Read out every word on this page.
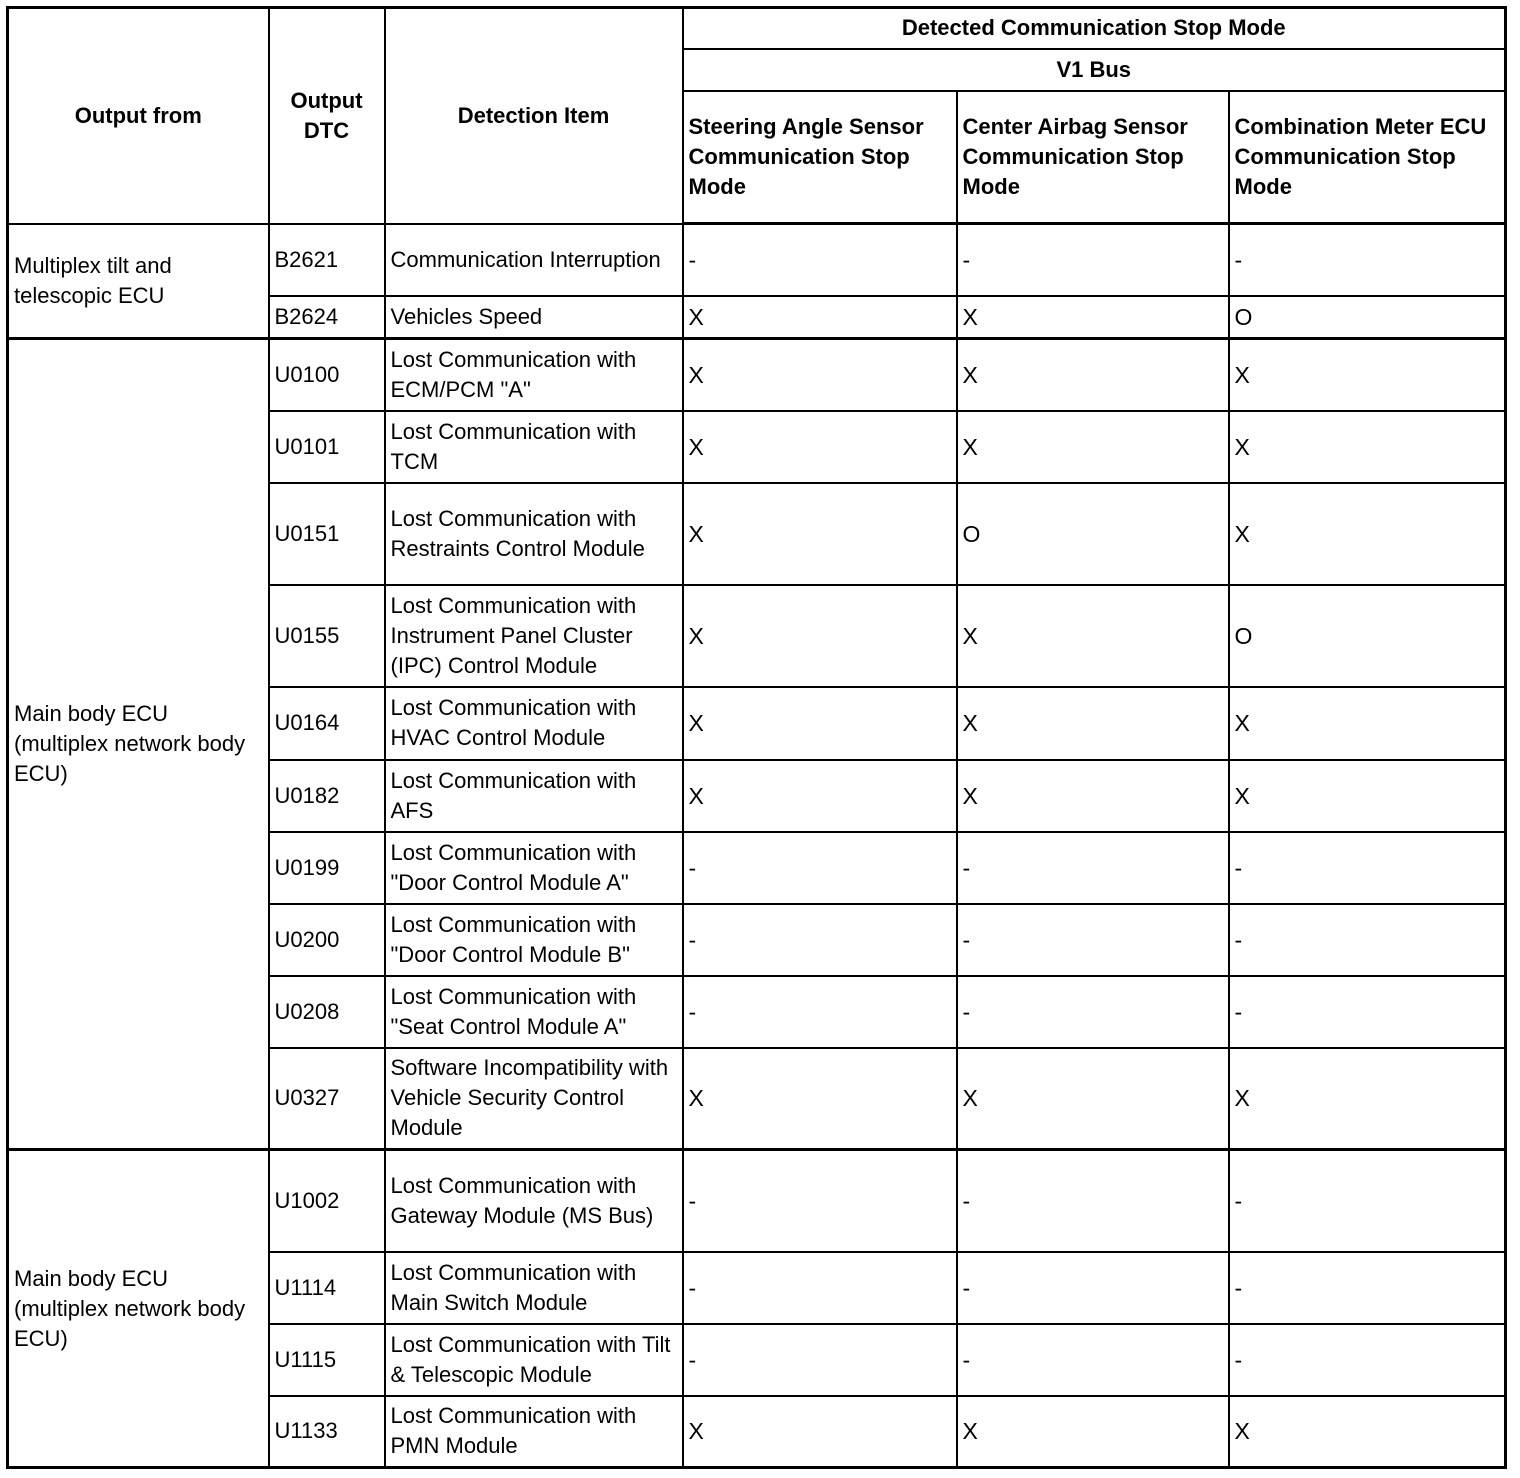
Output from	Output DTC	Detection Item	Detected Communication Stop Mode		
			V1 Bus		
			Steering Angle Sensor Communication Stop Mode	Center Airbag Sensor Communication Stop Mode	Combination Meter ECU Communication Stop Mode
Multiplex tilt and telescopic ECU	B2621	Communication Interruption	-	-	-
	B2624	Vehicles Speed	X	X	O
Main body ECU (multiplex network body ECU)	U0100	Lost Communication with ECM/PCM "A"	X	X	X
	U0101	Lost Communication with TCM	X	X	X
	U0151	Lost Communication with Restraints Control Module	X	O	X
	U0155	Lost Communication with Instrument Panel Cluster (IPC) Control Module	X	X	O
	U0164	Lost Communication with HVAC Control Module	X	X	X
	U0182	Lost Communication with AFS	X	X	X
	U0199	Lost Communication with "Door Control Module A"	-	-	-
	U0200	Lost Communication with "Door Control Module B"	-	-	-
	U0208	Lost Communication with "Seat Control Module A"	-	-	-
	U0327	Software Incompatibility with Vehicle Security Control Module	X	X	X
Main body ECU (multiplex network body ECU)	U1002	Lost Communication with Gateway Module (MS Bus)	-	-	-
	U1114	Lost Communication with Main Switch Module	-	-	-
	U1115	Lost Communication with Tilt & Telescopic Module	-	-	-
	U1133	Lost Communication with PMN Module	X	X	X
